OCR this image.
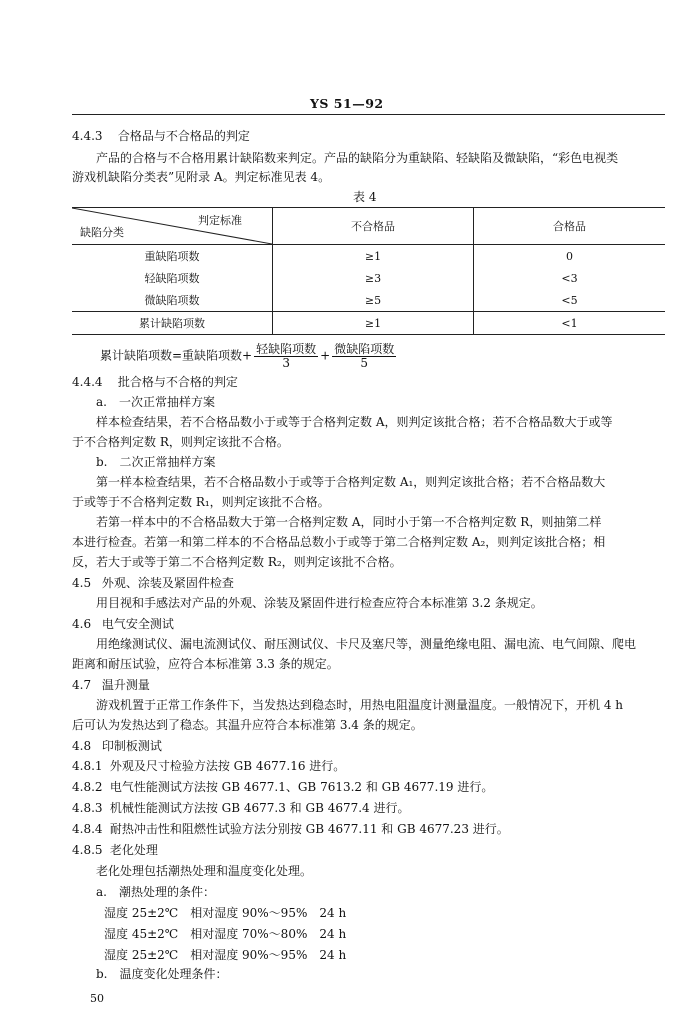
YS 51—92
4.4.3 合格品与不合格品的判定
产品的合格与不合格用累计缺陷数来判定。产品的缺陷分为重缺陷、轻缺陷及微缺陷，“彩色电视类
游戏机缺陷分类表”见附录 A。判定标准见表 4。
表 4
判定标准
缺陷分类	不合格品	合格品
重缺陷项数	≥1	0
轻缺陷项数	≥3	<3
微缺陷项数	≥5	<5
累计缺陷项数	≥1	<1
累计缺陷项数=重缺陷项数+ $\frac{\text{轻缺陷项数}}{3} + \frac{\text{微缺陷项数}}{5}$
4.4.4 批合格与不合格的判定
a.　 一次正常抽样方案
样本检查结果，若不合格品数小于或等于合格判定数 A，则判定该批合格；若不合格品数大于或等
于不合格判定数 R，则判定该批不合格。
b.　 二次正常抽样方案
第一样本检查结果，若不合格品数小于或等于合格判定数 A₁，则判定该批合格；若不合格品数大
于或等于不合格判定数 R₁，则判定该批不合格。
若第一样本中的不合格品数大于第一合格判定数 A，同时小于第一不合格判定数 R，则抽第二样
本进行检查。若第一和第二样本的不合格品总数小于或等于第二合格判定数 A₂，则判定该批合格；相
反，若大于或等于第二不合格判定数 R₂，则判定该批不合格。
4.5 外观、涂装及紧固件检查
用目视和手感法对产品的外观、涂装及紧固件进行检查应符合本标准第 3.2 条规定。
4.6 电气安全测试
用绝缘测试仪、漏电流测试仪、耐压测试仪、卡尺及塞尺等，测量绝缘电阻、漏电流、电气间隙、爬电
距离和耐压试验，应符合本标准第 3.3 条的规定。
4.7 温升测量
游戏机置于正常工作条件下，当发热达到稳态时，用热电阻温度计测量温度。一般情况下，开机 4 h
后可认为发热达到了稳态。其温升应符合本标准第 3.4 条的规定。
4.8 印制板测试
4.8.1 外观及尺寸检验方法按 GB 4677.16 进行。
4.8.2 电气性能测试方法按 GB 4677.1、GB 7613.2 和 GB 4677.19 进行。
4.8.3 机械性能测试方法按 GB 4677.3 和 GB 4677.4 进行。
4.8.4 耐热冲击性和阻燃性试验方法分别按 GB 4677.11 和 GB 4677.23 进行。
4.8.5 老化处理
老化处理包括潮热处理和温度变化处理。
a.　 潮热处理的条件：
湿度 25±2℃　相对湿度 90%～95%　24 h
湿度 45±2℃　相对湿度 70%～80%　24 h
湿度 25±2℃　相对湿度 90%～95%　24 h
b.　 温度变化处理条件：
50
